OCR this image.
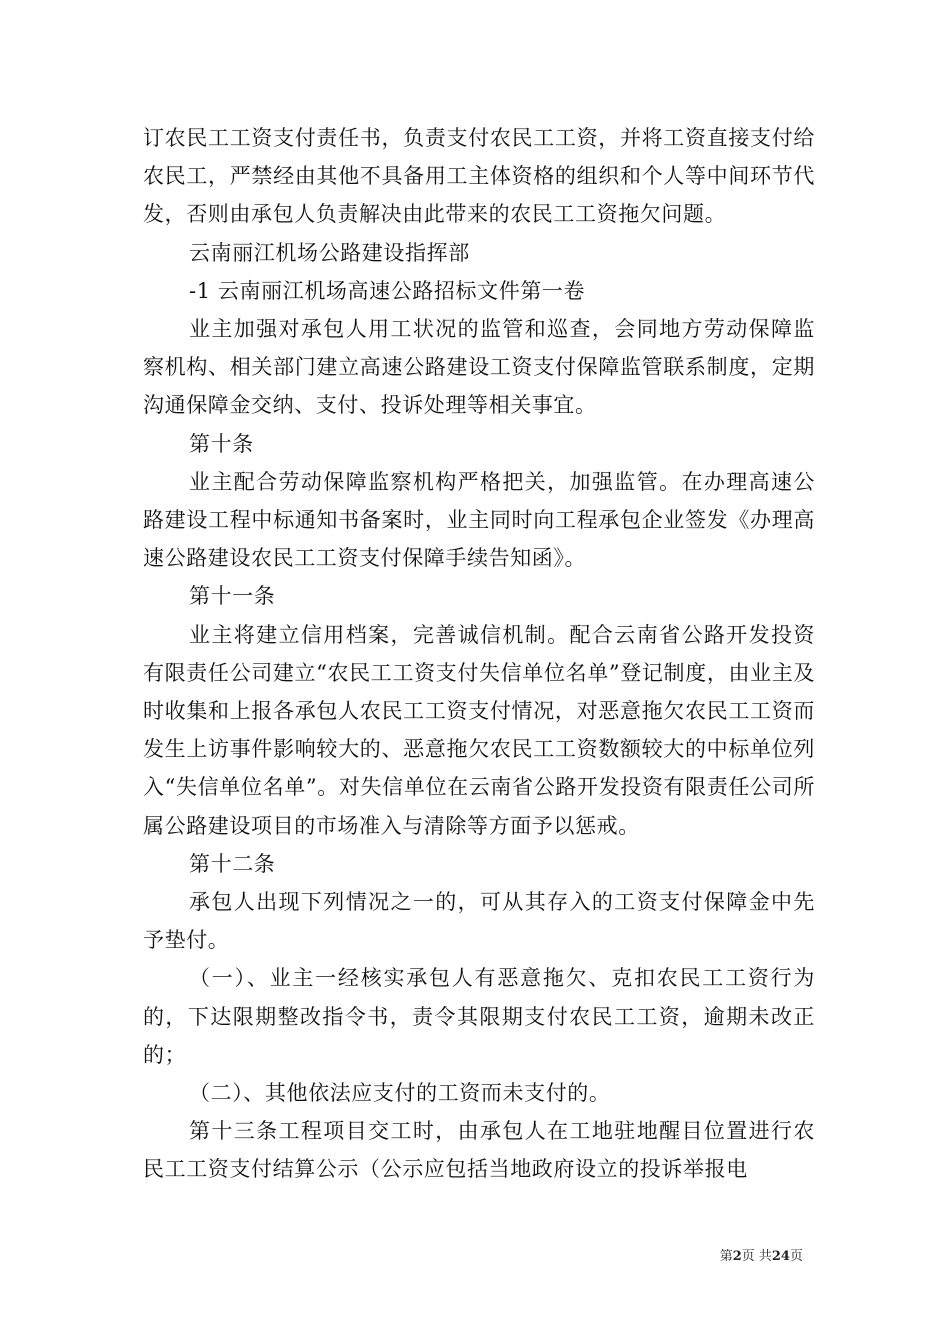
订农民工工资支付责任书，负责支付农民工工资，并将工资直接支付给农民工，严禁经由其他不具备用工主体资格的组织和个人等中间环节代发，否则由承包人负责解决由此带来的农民工工资拖欠问题。

云南丽江机场公路建设指挥部

-1 云南丽江机场高速公路招标文件第一卷

业主加强对承包人用工状况的监管和巡查，会同地方劳动保障监察机构、相关部门建立高速公路建设工资支付保障监管联系制度，定期沟通保障金交纳、支付、投诉处理等相关事宜。

第十条

业主配合劳动保障监察机构严格把关，加强监管。在办理高速公路建设工程中标通知书备案时，业主同时向工程承包企业签发《办理高速公路建设农民工工资支付保障手续告知函》。

第十一条

业主将建立信用档案，完善诚信机制。配合云南省公路开发投资有限责任公司建立“农民工工资支付失信单位名单”登记制度，由业主及时收集和上报各承包人农民工工资支付情况，对恶意拖欠农民工工资而发生上访事件影响较大的、恶意拖欠农民工工资数额较大的中标单位列入“失信单位名单”。对失信单位在云南省公路开发投资有限责任公司所属公路建设项目的市场准入与清除等方面予以惩戒。

第十二条

承包人出现下列情况之一的，可从其存入的工资支付保障金中先予垫付。

（一）、业主一经核实承包人有恶意拖欠、克扣农民工工资行为的，下达限期整改指令书，责令其限期支付农民工工资，逾期未改正的；

（二）、其他依法应支付的工资而未支付的。

第十三条工程项目交工时，由承包人在工地驻地醒目位置进行农民工工资支付结算公示（公示应包括当地政府设立的投诉举报电

第2页 共24页
